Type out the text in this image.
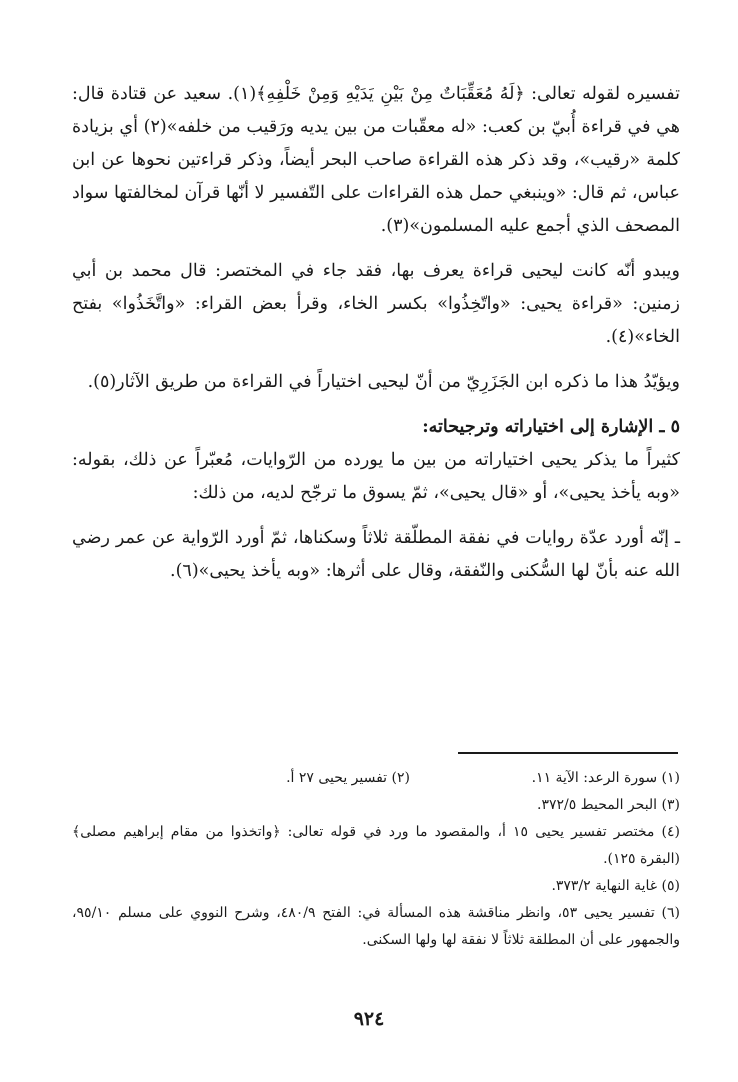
تفسيره لقوله تعالى: ﴿لَهُ مُعَقِّبَاتٌ مِنْ بَيْنِ يَدَيْهِ وَمِنْ خَلْفِهِ﴾(١). سعيد عن قتادة قال: هي في قراءة أُبيّ بن كعب: «له معقّبات من بين يديه ورَقيب من خلفه»(٢) أي بزيادة كلمة «رقيب»، وقد ذكر هذه القراءة صاحب البحر أيضاً، وذكر قراءتين نحوها عن ابن عباس، ثم قال: «وينبغي حمل هذه القراءات على التّفسير لا أنّها قرآن لمخالفتها سواد المصحف الذي أجمع عليه المسلمون»(٣).

ويبدو أنّه كانت ليحيى قراءة يعرف بها، فقد جاء في المختصر: قال محمد بن أبي زمنين: «قراءة يحيى: «واتّخِذُوا» بكسر الخاء، وقرأ بعض القراء: «واتَّخَذُوا» بفتح الخاء»(٤).

ويؤيّدُ هذا ما ذكره ابن الجَزَرِيّ من أنّ ليحيى اختياراً في القراءة من طريق الآثار(٥).

٥ ـ الإشارة إلى اختياراته وترجيحاته:

كثيراً ما يذكر يحيى اختياراته من بين ما يورده من الرّوايات، مُعبّراً عن ذلك، بقوله: «وبه يأخذ يحيى»، أو «قال يحيى»، ثمّ يسوق ما ترجّح لديه، من ذلك:

ـ إنّه أورد عدّة روايات في نفقة المطلّقة ثلاثاً وسكناها، ثمّ أورد الرّواية عن عمر رضي الله عنه بأنّ لها السُّكنى والنّفقة، وقال على أثرها: «وبه يأخذ يحيى»(٦).

(١) سورة الرعد: الآية ١١.
(٢) تفسير يحيى ٢٧ أ.

(٣) البحر المحيط ٣٧٢/٥.

(٤) مختصر تفسير يحيى ١٥ أ، والمقصود ما ورد في قوله تعالى: ﴿واتخذوا من مقام إبراهيم مصلى﴾ (البقرة ١٢٥).

(٥) غاية النهاية ٣٧٣/٢.

(٦) تفسير يحيى ٥٣، وانظر مناقشة هذه المسألة في: الفتح ٤٨٠/٩، وشرح النووي على مسلم ٩٥/١٠، والجمهور على أن المطلقة ثلاثاً لا نفقة لها ولها السكنى.

٩٢٤
